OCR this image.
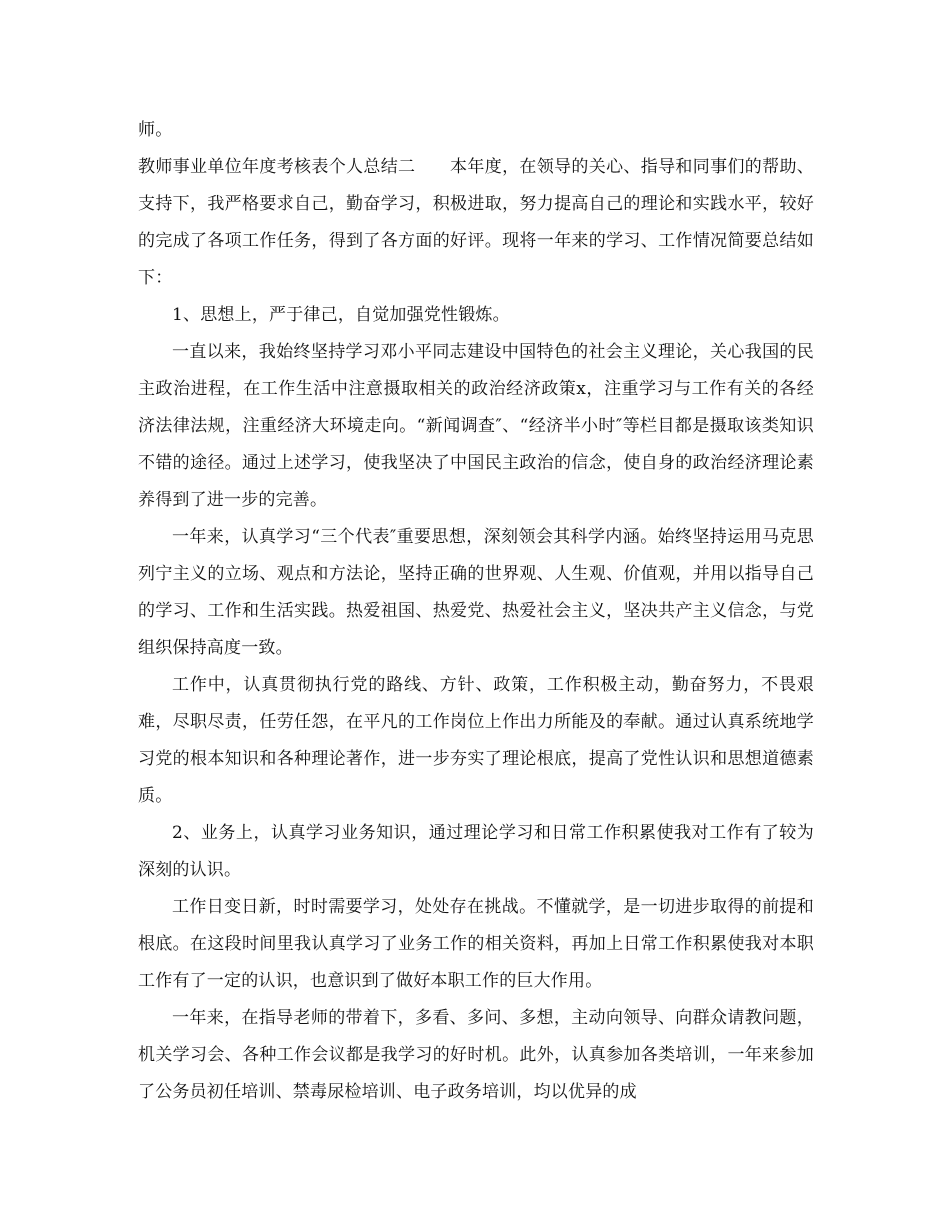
师。

教师事业单位年度考核表个人总结二　　本年度，在领导的关心、指导和同事们的帮助、支持下，我严格要求自己，勤奋学习，积极进取，努力提高自己的理论和实践水平，较好的完成了各项工作任务，得到了各方面的好评。现将一年来的学习、工作情况简要总结如下：

1、思想上，严于律己，自觉加强党性锻炼。

一直以来，我始终坚持学习邓小平同志建设中国特色的社会主义理论，关心我国的民主政治进程，在工作生活中注意摄取相关的政治经济政策x，注重学习与工作有关的各经济法律法规，注重经济大环境走向。“新闻调查″、“经济半小时″等栏目都是摄取该类知识不错的途径。通过上述学习，使我坚决了中国民主政治的信念，使自身的政治经济理论素养得到了进一步的完善。

一年来，认真学习“三个代表″重要思想，深刻领会其科学内涵。始终坚持运用马克思列宁主义的立场、观点和方法论，坚持正确的世界观、人生观、价值观，并用以指导自己的学习、工作和生活实践。热爱祖国、热爱党、热爱社会主义，坚决共产主义信念，与党组织保持高度一致。

工作中，认真贯彻执行党的路线、方针、政策，工作积极主动，勤奋努力，不畏艰难，尽职尽责，任劳任怨，在平凡的工作岗位上作出力所能及的奉献。通过认真系统地学习党的根本知识和各种理论著作，进一步夯实了理论根底，提高了党性认识和思想道德素质。

2、业务上，认真学习业务知识，通过理论学习和日常工作积累使我对工作有了较为深刻的认识。

工作日变日新，时时需要学习，处处存在挑战。不懂就学，是一切进步取得的前提和根底。在这段时间里我认真学习了业务工作的相关资料，再加上日常工作积累使我对本职工作有了一定的认识，也意识到了做好本职工作的巨大作用。

一年来，在指导老师的带着下，多看、多问、多想，主动向领导、向群众请教问题，机关学习会、各种工作会议都是我学习的好时机。此外，认真参加各类培训，一年来参加了公务员初任培训、禁毒尿检培训、电子政务培训，均以优异的成
